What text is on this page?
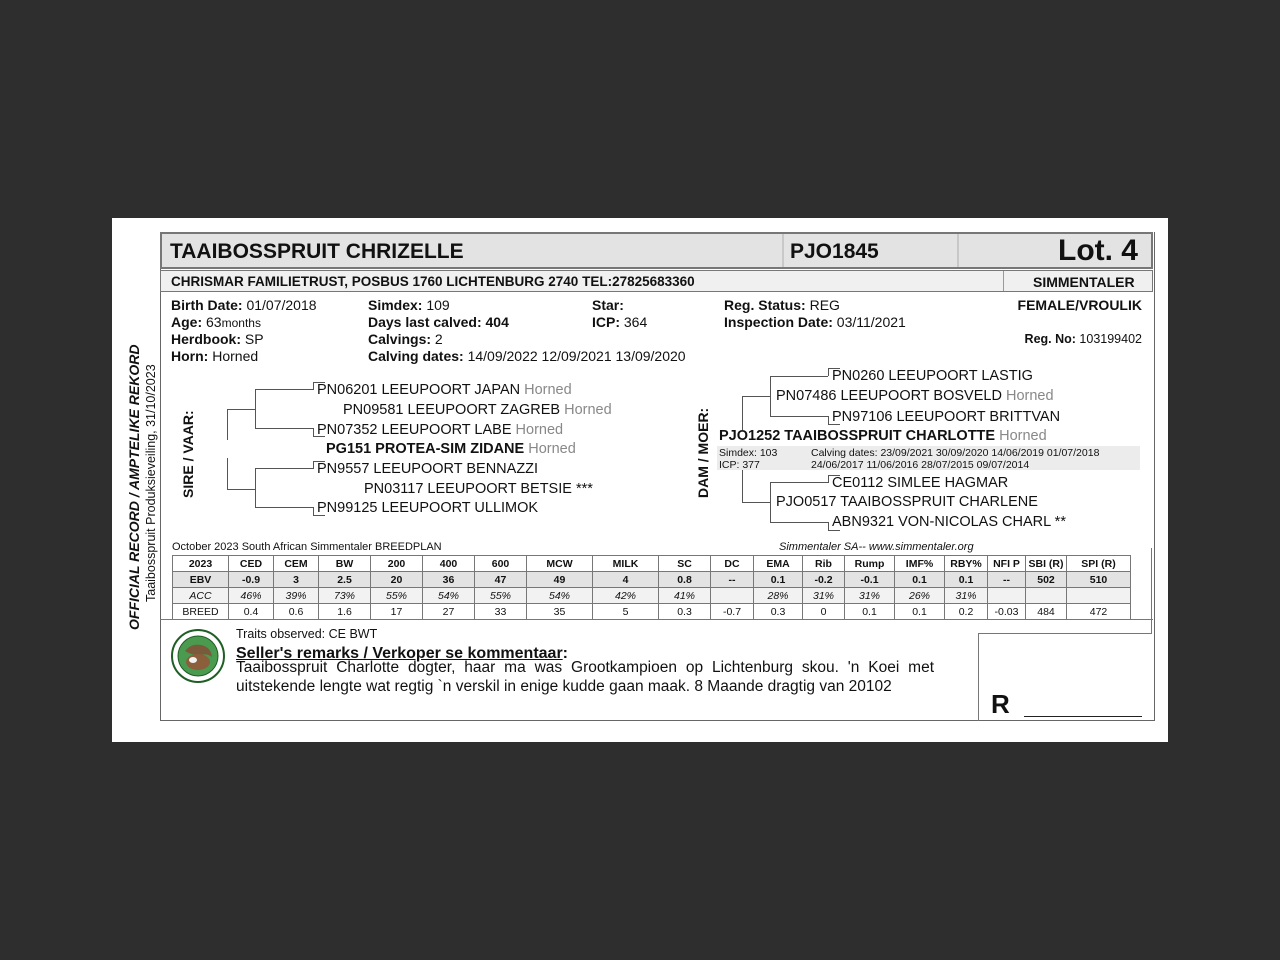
OFFICIAL RECORD / AMPTELIKE REKORD Taaibosspruit Produksieveiling, 31/10/2023
TAAIBOSSPRUIT CHRIZELLE	PJO1845	Lot. 4
CHRISMAR FAMILIETRUST, POSBUS 1760 LICHTENBURG 2740 TEL:27825683360	SIMMENTALER
Birth Date: 01/07/2018
Age: 63months
Herdbook: SP
Horn: Horned
Simdex: 109
Days last calved: 404
Calvings: 2
Calving dates: 14/09/2022 12/09/2021 13/09/2020
Star:
ICP: 364
Reg. Status: REG
Inspection Date: 03/11/2021
FEMALE/VROULIK
Reg. No: 103199402
SIRE / VAAR:
PN06201 LEEUPOORT JAPAN Horned
PN09581 LEEUPOORT ZAGREB Horned
PN07352 LEEUPOORT LABE Horned
PG151 PROTEA-SIM ZIDANE Horned
PN9557 LEEUPOORT BENNAZZI
PN03117 LEEUPOORT BETSIE ***
PN99125 LEEUPOORT ULLIMOK
DAM / MOER:
PN0260 LEEUPOORT LASTIG
PN07486 LEEUPOORT BOSVELD Horned
PN97106 LEEUPOORT BRITTVAN
PJO1252 TAAIBOSSPRUIT CHARLOTTE Horned
Simdex: 103
ICP: 377
Calving dates: 23/09/2021 30/09/2020 14/06/2019 01/07/2018
24/06/2017 11/06/2016 28/07/2015 09/07/2014
CE0112 SIMLEE HAGMAR
PJO0517 TAAIBOSSPRUIT CHARLENE
ABN9321 VON-NICOLAS CHARL **
October 2023 South African Simmentaler BREEDPLAN	Simmentaler SA-- www.simmentaler.org
2023	CED	CEM	BW	200	400	600	MCW	MILK	SC	DC	EMA	Rib	Rump	IMF%	RBY%	NFI P	SBI (R)	SPI (R)
EBV	-0.9	3	2.5	20	36	47	49	4	0.8	--	0.1	-0.2	-0.1	0.1	0.1	--	502	510
ACC	46%	39%	73%	55%	54%	55%	54%	42%	41%		28%	31%	31%	26%	31%			
BREED	0.4	0.6	1.6	17	27	33	35	5	0.3	-0.7	0.3	0	0.1	0.1	0.2	-0.03	484	472
Traits observed: CE BWT
Seller's remarks / Verkoper se kommentaar:
Taaibosspruit Charlotte dogter, haar ma was Grootkampioen op Lichtenburg skou. 'n Koei met uitstekende lengte wat regtig `n verskil in enige kudde gaan maak. 8 Maande dragtig van 20102
R
